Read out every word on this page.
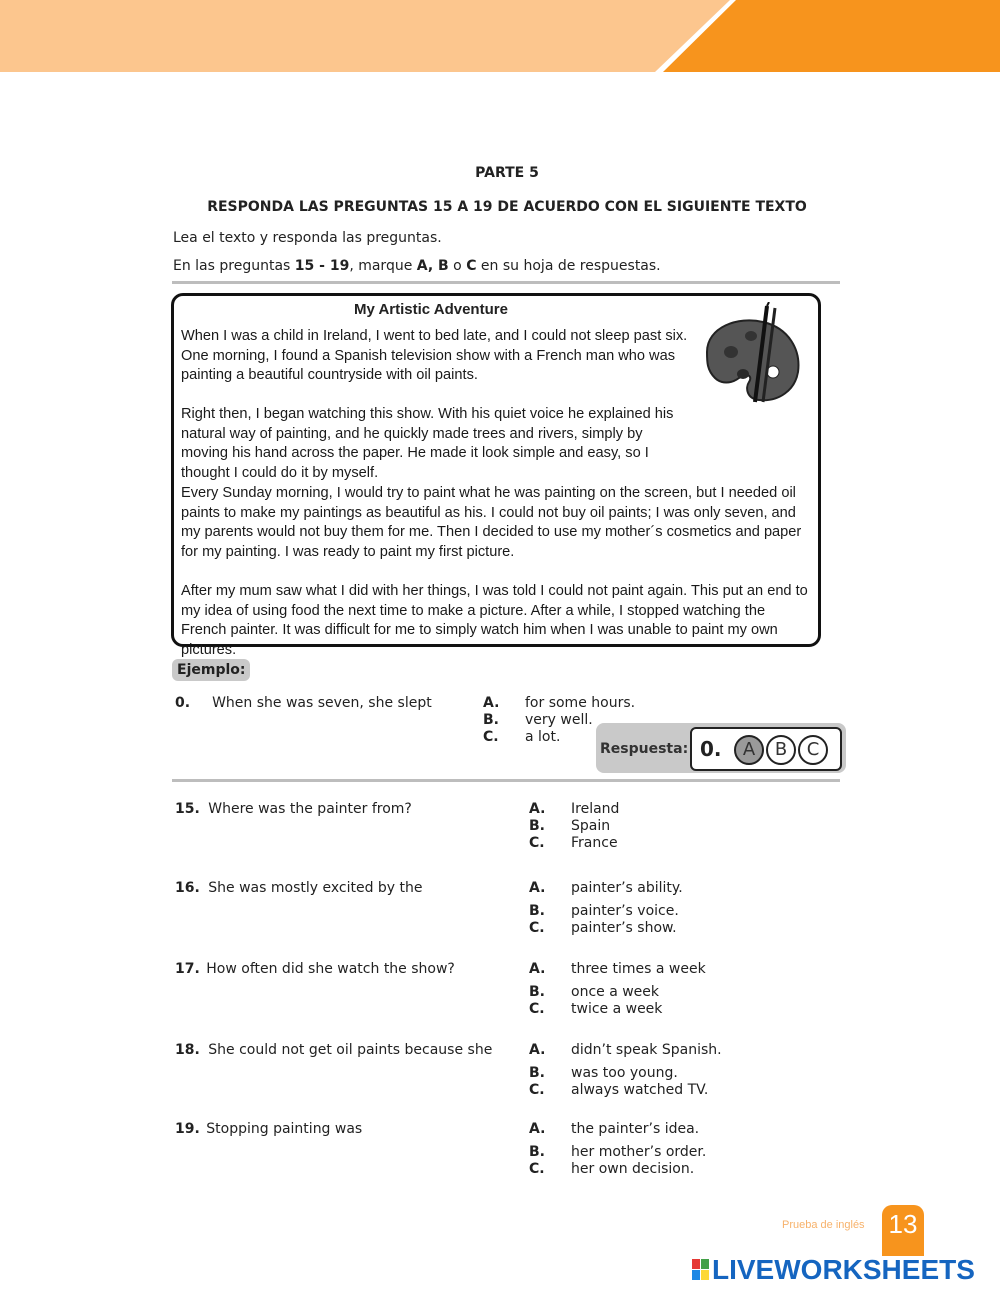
PARTE 5
RESPONDA LAS PREGUNTAS 15 A 19 DE ACUERDO CON EL SIGUIENTE TEXTO
Lea el texto y responda las preguntas.
En las preguntas 15 - 19, marque A, B o C en su hoja de respuestas.
My Artistic Adventure

When I was a child in Ireland, I went to bed late, and I could not sleep past six. One morning, I found a Spanish television show with a French man who was painting a beautiful countryside with oil paints.

Right then, I began watching this show. With his quiet voice he explained his natural way of painting, and he quickly made trees and rivers, simply by moving his hand across the paper. He made it look simple and easy, so I thought I could do it by myself.

Every Sunday morning, I would try to paint what he was painting on the screen, but I needed oil paints to make my paintings as beautiful as his. I could not buy oil paints; I was only seven, and my parents would not buy them for me. Then I decided to use my mother´s cosmetics and paper for my painting. I was ready to paint my first picture.

After my mum saw what I did with her things, I was told I could not paint again. This put an end to my idea of using food the next time to make a picture. After a while, I stopped watching the French painter. It was difficult for me to simply watch him when I was unable to paint my own pictures.

Ejemplo:
0. When she was seven, she slept	A. for some hours.
B. very well.
C. a lot.
Respuesta: 0.	A	B	C
15. Where was the painter from?	A. Ireland
B. Spain
C. France
16. She was mostly excited by the	A. painter’s ability.
B. painter’s voice.
C. painter’s show.
17. How often did she watch the show?	A. three times a week
B. once a week
C. twice a week
18. She could not get oil paints because she	A. didn’t speak Spanish.
B. was too young.
C. always watched TV.
19. Stopping painting was	A. the painter’s idea.
B. her mother’s order.
C. her own decision.
Prueba de inglés 13
LIVEWORKSHEETS
